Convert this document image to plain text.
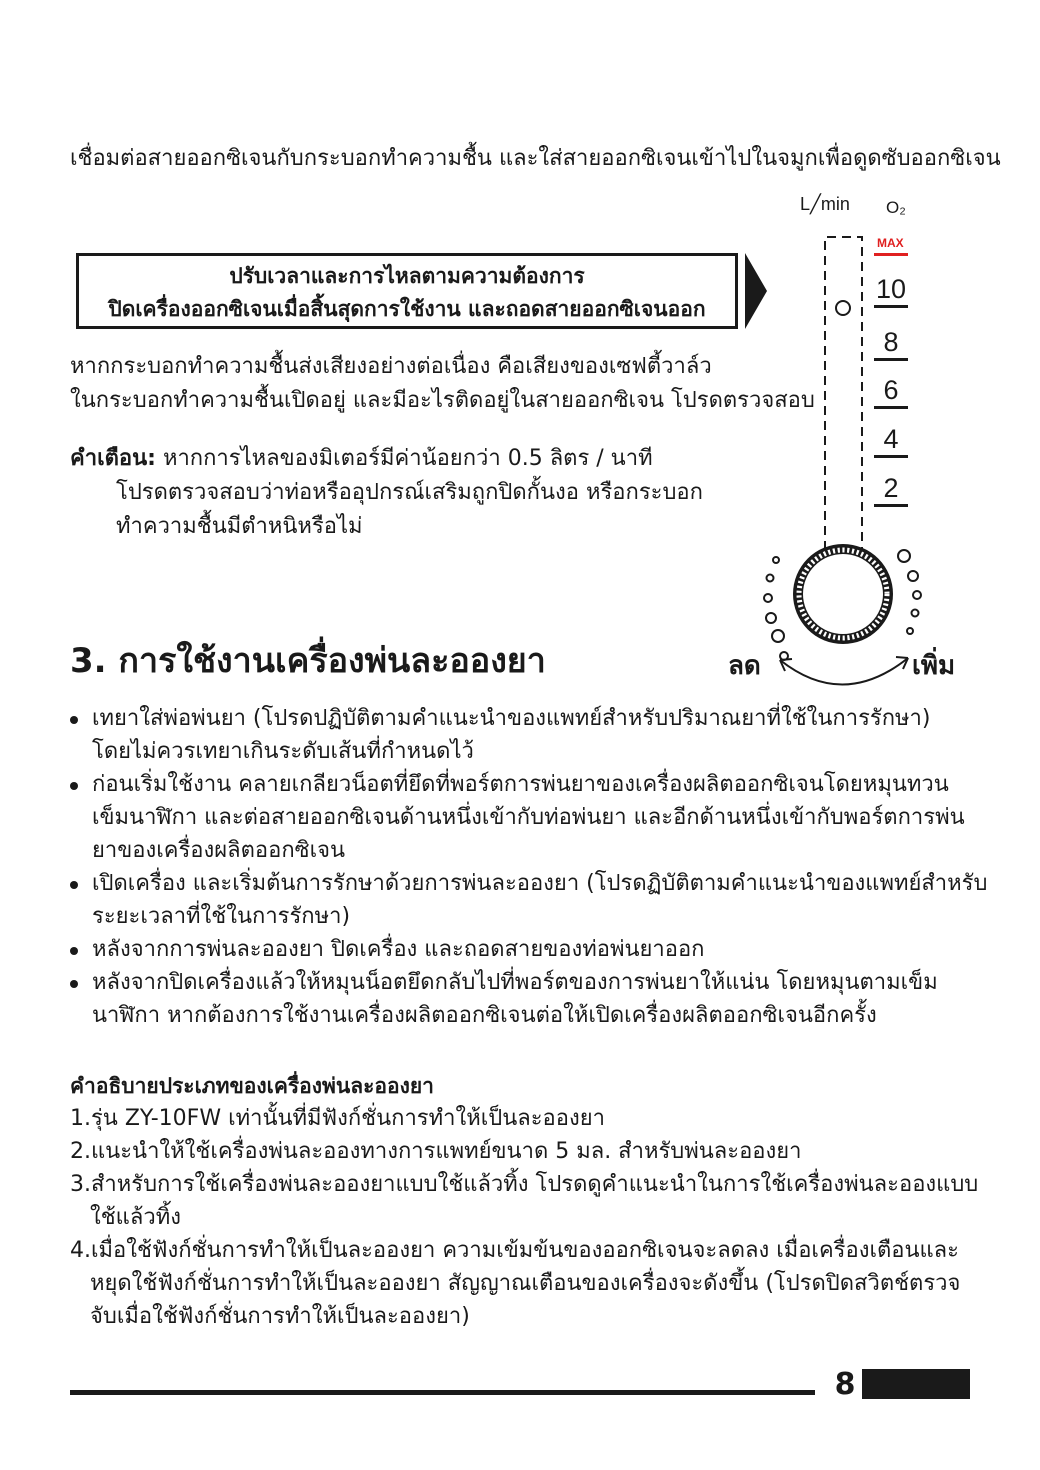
เชื่อมต่อสายออกซิเจนกับกระบอกทำความชื้น และใส่สายออกซิเจนเข้าไปในจมูกเพื่อดูดซับออกซิเจน
ปรับเวลาและการไหลตามความต้องการ
ปิดเครื่องออกซิเจนเมื่อสิ้นสุดการใช้งาน และถอดสายออกซิเจนออก
หากกระบอกทำความชื้นส่งเสียงอย่างต่อเนื่อง คือเสียงของเซฟตี้วาล์ว
ในกระบอกทำความชื้นเปิดอยู่ และมีอะไรติดอยู่ในสายออกซิเจน โปรดตรวจสอบ
คำเตือน: หากการไหลของมิเตอร์มีค่าน้อยกว่า 0.5 ลิตร / นาที
โปรดตรวจสอบว่าท่อหรืออุปกรณ์เสริมถูกปิดกั้นงอ หรือกระบอก
ทำความชื้นมีตำหนิหรือไม่
L╱min O₂
MAX
10
8
6
4
2
ลด	เพิ่ม
3. การใช้งานเครื่องพ่นละอองยา
เทยาใส่พ่อพ่นยา (โปรดปฏิบัติตามคำแนะนำของแพทย์สำหรับปริมาณยาที่ใช้ในการรักษา)
โดยไม่ควรเทยาเกินระดับเส้นที่กำหนดไว้
ก่อนเริ่มใช้งาน คลายเกลียวน็อตที่ยึดที่พอร์ตการพ่นยาของเครื่องผลิตออกซิเจนโดยหมุนทวน
เข็มนาฬิกา และต่อสายออกซิเจนด้านหนึ่งเข้ากับท่อพ่นยา และอีกด้านหนึ่งเข้ากับพอร์ตการพ่น
ยาของเครื่องผลิตออกซิเจน
เปิดเครื่อง และเริ่มต้นการรักษาด้วยการพ่นละอองยา (โปรดฏิบัติตามคำแนะนำของแพทย์สำหรับ
ระยะเวลาที่ใช้ในการรักษา)
หลังจากการพ่นละอองยา ปิดเครื่อง และถอดสายของท่อพ่นยาออก
หลังจากปิดเครื่องแล้วให้หมุนน็อตยึดกลับไปที่พอร์ตของการพ่นยาให้แน่น โดยหมุนตามเข็ม
นาฬิกา หากต้องการใช้งานเครื่องผลิตออกซิเจนต่อให้เปิดเครื่องผลิตออกซิเจนอีกครั้ง
คำอธิบายประเภทของเครื่องพ่นละอองยา
1.รุ่น ZY-10FW เท่านั้นที่มีฟังก์ชั่นการทำให้เป็นละอองยา
2.แนะนำให้ใช้เครื่องพ่นละอองทางการแพทย์ขนาด 5 มล. สำหรับพ่นละอองยา
3.สำหรับการใช้เครื่องพ่นละอองยาแบบใช้แล้วทิ้ง โปรดดูคำแนะนำในการใช้เครื่องพ่นละอองแบบ
ใช้แล้วทิ้ง
4.เมื่อใช้ฟังก์ชั่นการทำให้เป็นละอองยา ความเข้มข้นของออกซิเจนจะลดลง เมื่อเครื่องเตือนและ
หยุดใช้ฟังก์ชั่นการทำให้เป็นละอองยา สัญญาณเตือนของเครื่องจะดังขึ้น (โปรดปิดสวิตช์ตรวจ
จับเมื่อใช้ฟังก์ชั่นการทำให้เป็นละอองยา)
8
